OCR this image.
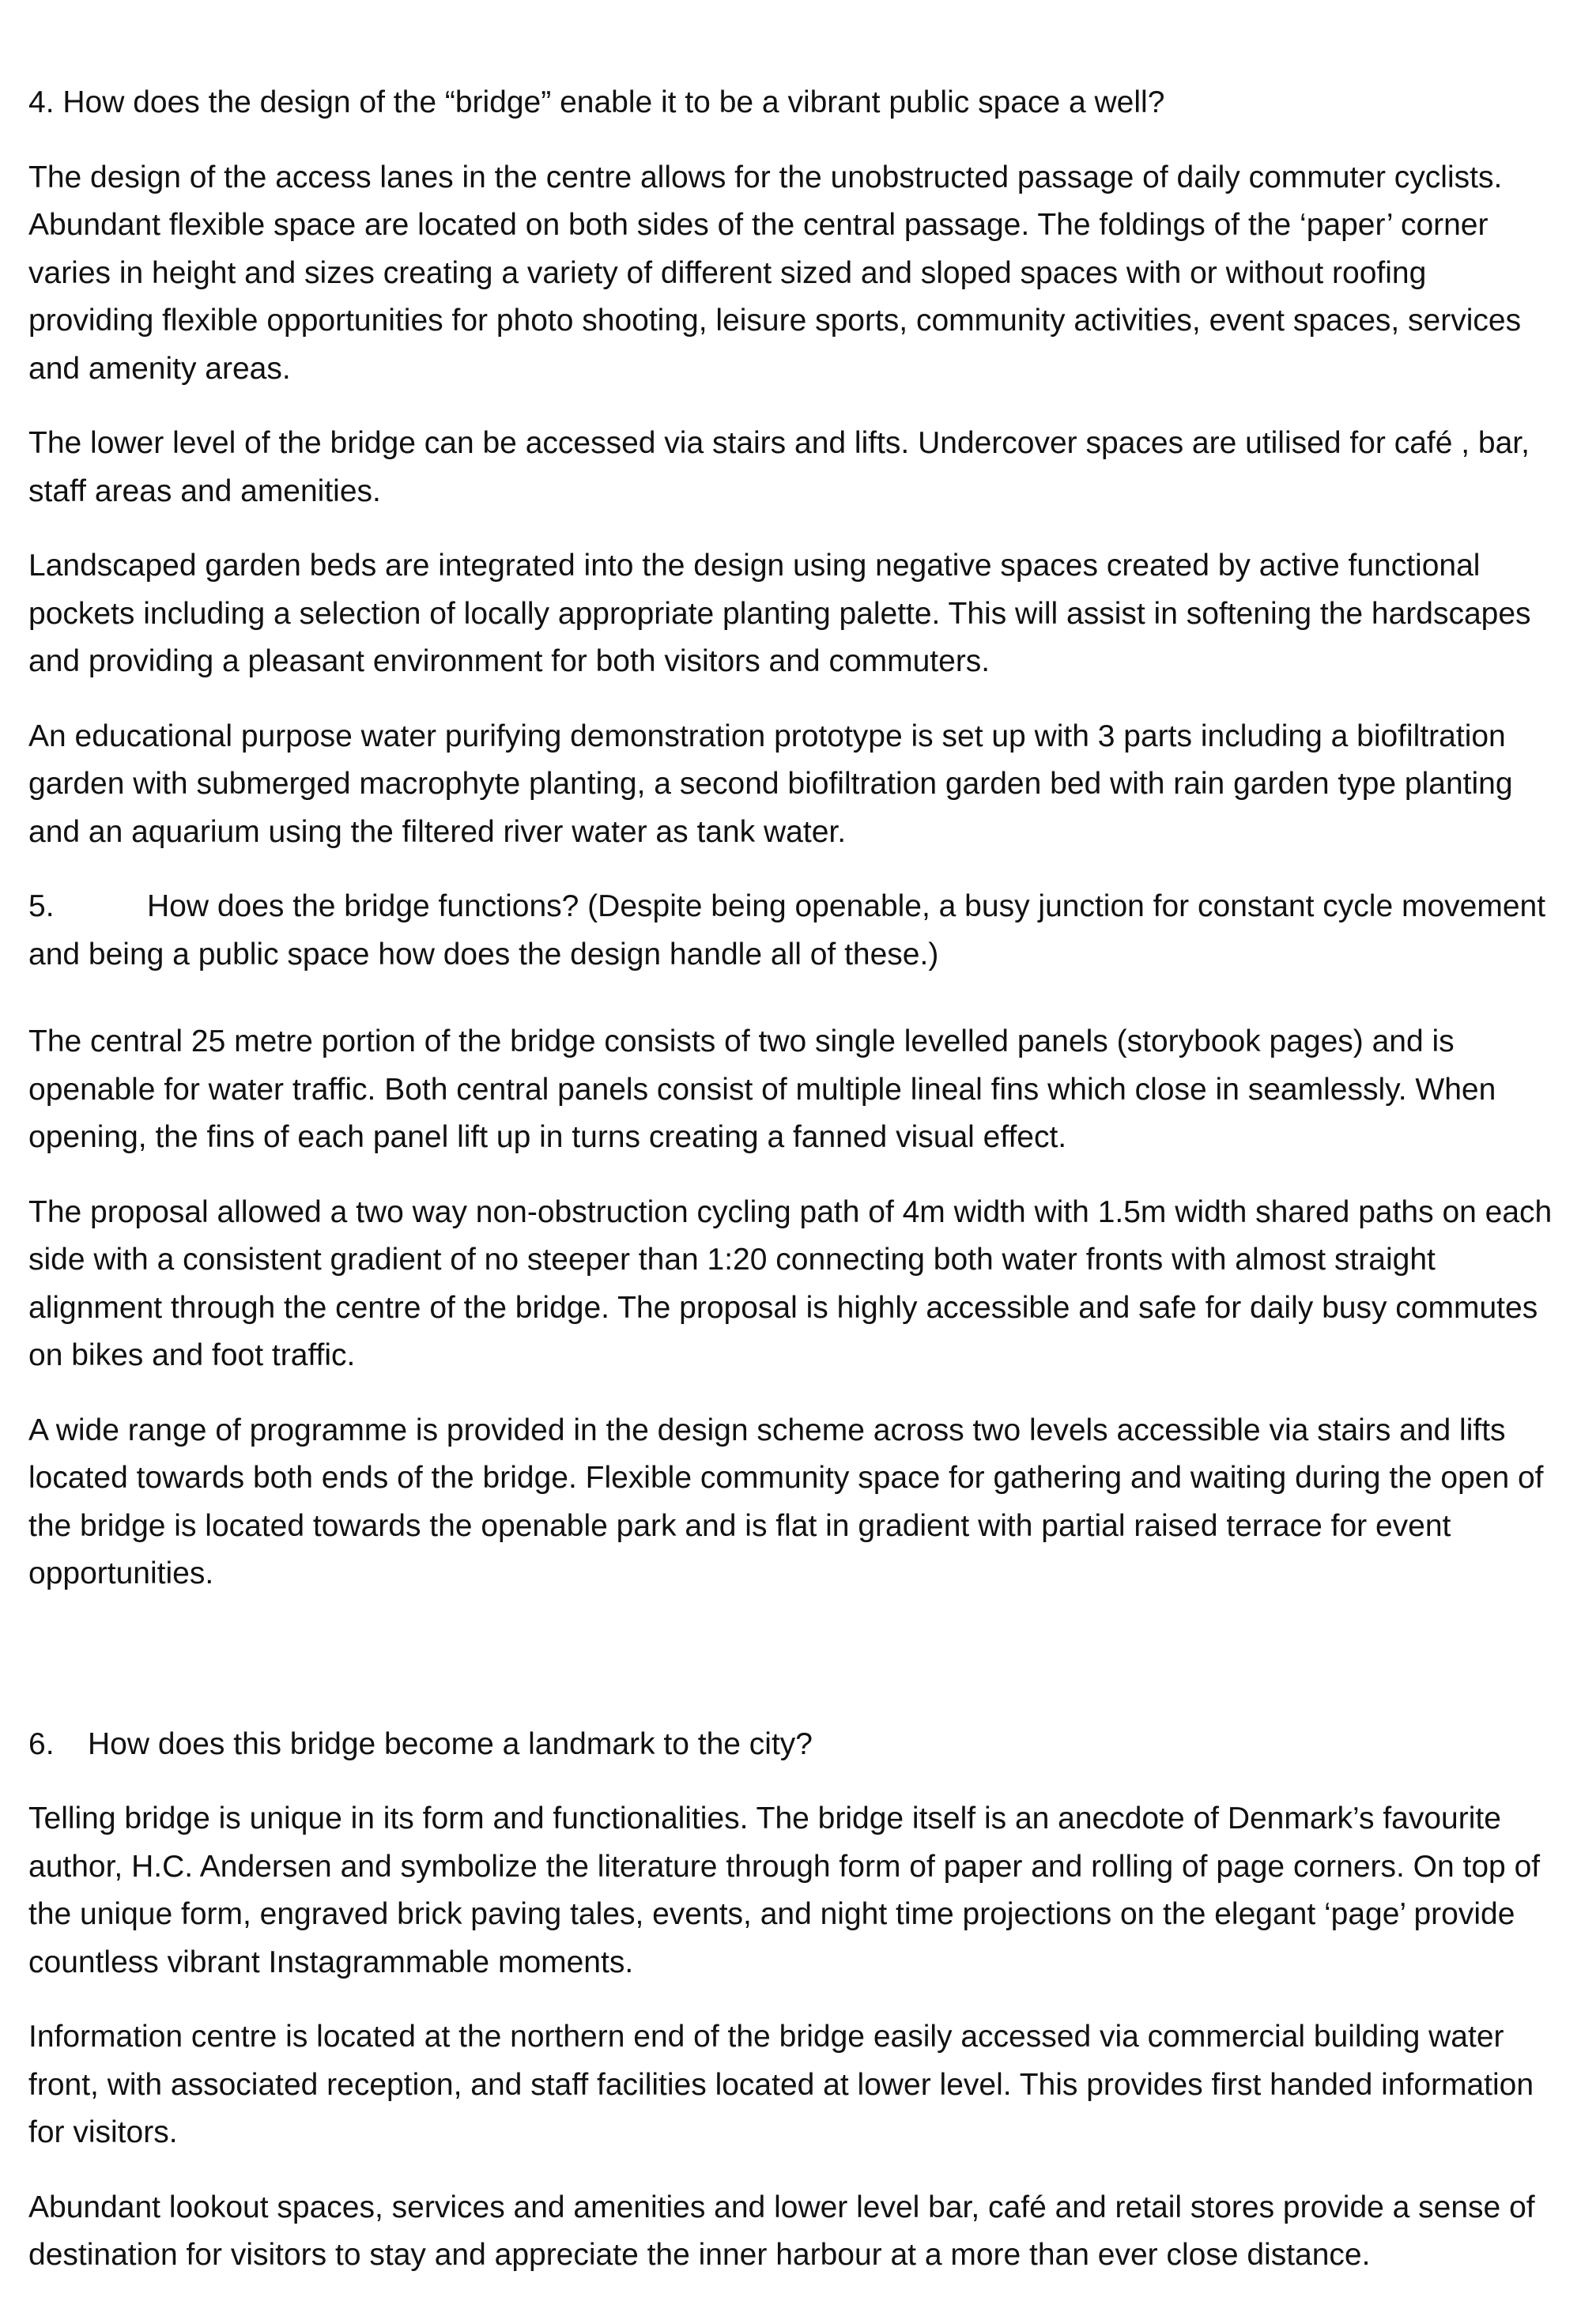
4. How does the design of the “bridge” enable it to be a vibrant public space a well?

The design of the access lanes in the centre allows for the unobstructed passage of daily commuter cyclists. Abundant flexible space are located on both sides of the central passage. The foldings of the ‘paper’ corner varies in height and sizes creating a variety of different sized and sloped spaces with or without roofing providing flexible opportunities for photo shooting, leisure sports, community activities, event spaces, services and amenity areas.

The lower level of the bridge can be accessed via stairs and lifts. Undercover spaces are utilised for café , bar, staff areas and amenities.

Landscaped garden beds are integrated into the design using negative spaces created by active functional pockets including a selection of locally appropriate planting palette. This will assist in softening the hardscapes and providing a pleasant environment for both visitors and commuters.

An educational purpose water purifying demonstration prototype is set up with 3 parts including a biofiltration garden with submerged macrophyte planting, a second biofiltration garden bed with rain garden type planting and an aquarium using the filtered river water as tank water.

5.	How does the bridge functions? (Despite being openable, a busy junction for constant cycle movement and being a public space how does the design handle all of these.)

The central 25 metre portion of the bridge consists of two single levelled panels (storybook pages) and is openable for water traffic. Both central panels consist of multiple lineal fins which close in seamlessly. When opening, the fins of each panel lift up in turns creating a fanned visual effect.

The proposal allowed a two way non-obstruction cycling path of 4m width with 1.5m width shared paths on each side with a consistent gradient of no steeper than 1:20 connecting both water fronts with almost straight alignment through the centre of the bridge. The proposal is highly accessible and safe for daily busy commutes on bikes and foot traffic.

A wide range of programme is provided in the design scheme across two levels accessible via stairs and lifts located towards both ends of the bridge. Flexible community space for gathering and waiting during the open of the bridge is located towards the openable park and is flat in gradient with partial raised terrace for event opportunities.

6. How does this bridge become a landmark to the city?

Telling bridge is unique in its form and functionalities. The bridge itself is an anecdote of Denmark’s favourite author, H.C. Andersen and symbolize the literature through form of paper and rolling of page corners. On top of the unique form, engraved brick paving tales, events, and night time projections on the elegant ‘page’ provide countless vibrant Instagrammable moments.

Information centre is located at the northern end of the bridge easily accessed via commercial building water front, with associated reception, and staff facilities located at lower level. This provides first handed information for visitors.

Abundant lookout spaces, services and amenities and lower level bar, café and retail stores provide a sense of destination for visitors to stay and appreciate the inner harbour at a more than ever close distance.
